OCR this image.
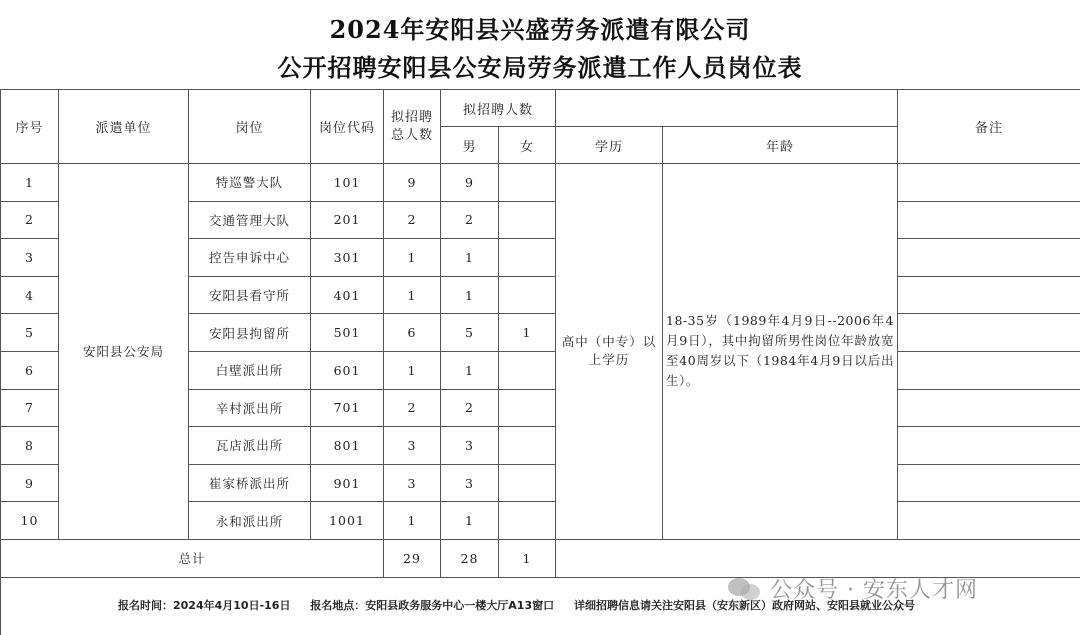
2024年安阳县兴盛劳务派遣有限公司
公开招聘安阳县公安局劳务派遣工作人员岗位表
序号	派遣单位	岗位	岗位代码	拟招聘总人数	拟招聘人数				备注
					男	女	学历	年龄	
1	安阳县公安局	特巡警大队	101	9	9		高中（中专）以上学历	18-35岁（1989年4月9日--2006年4月9日），其中拘留所男性岗位年龄放宽至40周岁以下（1984年4月9日以后出生）。	
2		交通管理大队	201	2	2				
3		控告申诉中心	301	1	1				
4		安阳县看守所	401	1	1				
5		安阳县拘留所	501	6	5	1			
6		白壁派出所	601	1	1				
7		辛村派出所	701	2	2				
8		瓦店派出所	801	3	3				
9		崔家桥派出所	901	3	3				
10		永和派出所	1001	1	1				
总计				29	28	1			

报名时间：2024年4月10日-16日 报名地点：安阳县政务服务中心一楼大厅A13窗口 详细招聘信息请关注安阳县（安东新区）政府网站、安阳县就业公众号
公众号 · 安东人才网
